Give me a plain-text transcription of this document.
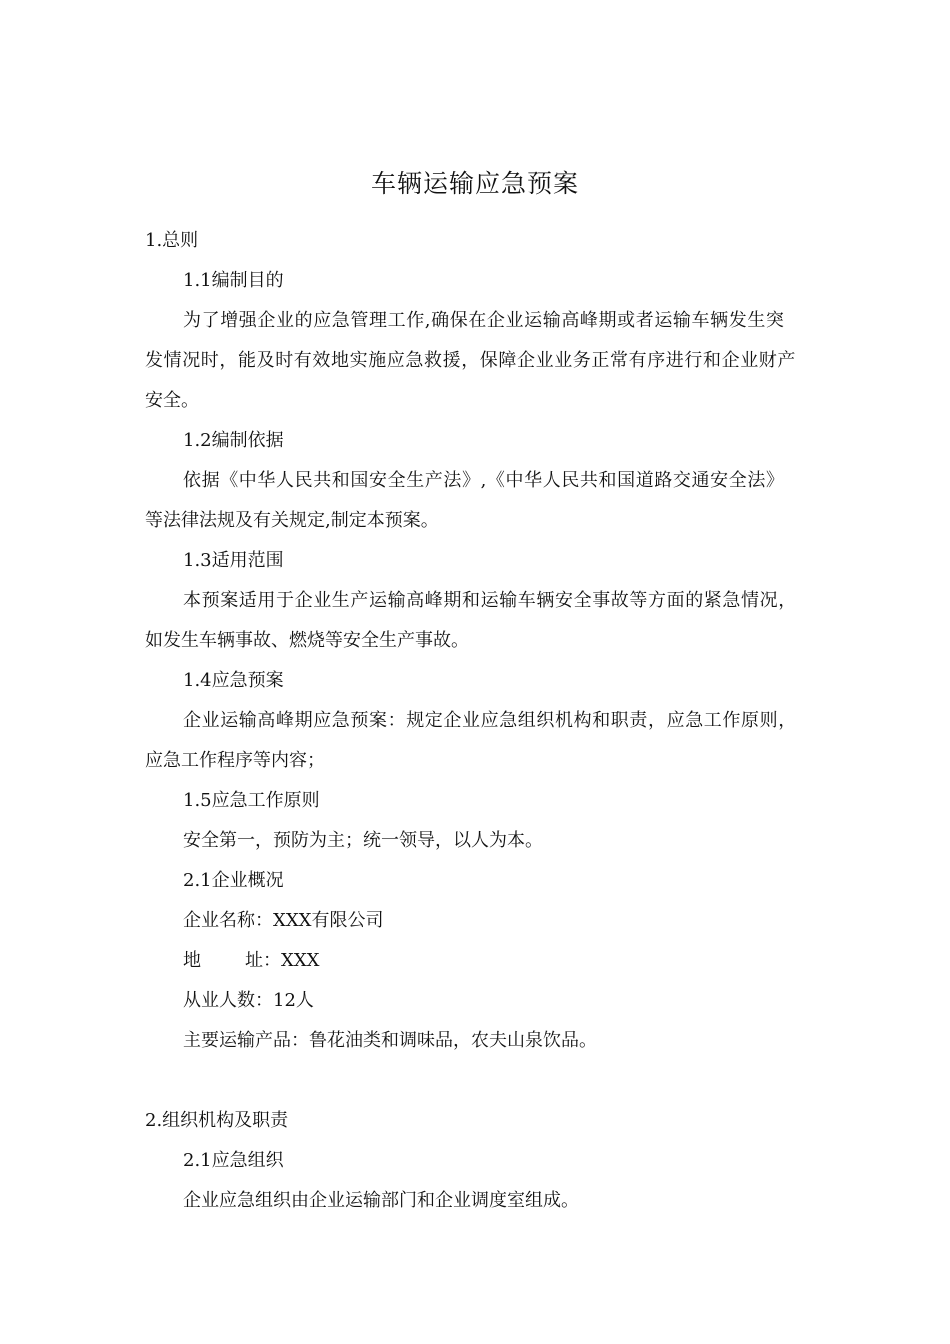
车辆运输应急预案
1.总则
1.1编制目的
为了增强企业的应急管理工作,确保在企业运输高峰期或者运输车辆发生突
发情况时，能及时有效地实施应急救援，保障企业业务正常有序进行和企业财产
安全。
1.2编制依据
依据《中华人民共和国安全生产法》,《中华人民共和国道路交通安全法》
等法律法规及有关规定,制定本预案。
1.3适用范围
本预案适用于企业生产运输高峰期和运输车辆安全事故等方面的紧急情况，
如发生车辆事故、燃烧等安全生产事故。
1.4应急预案
企业运输高峰期应急预案：规定企业应急组织机构和职责，应急工作原则，
应急工作程序等内容；
1.5应急工作原则
安全第一，预防为主；统一领导，以人为本。
2.1企业概况
企业名称：XXX有限公司
地 址：XXX
从业人数：12人
主要运输产品：鲁花油类和调味品，农夫山泉饮品。
2.组织机构及职责
2.1应急组织
企业应急组织由企业运输部门和企业调度室组成。
